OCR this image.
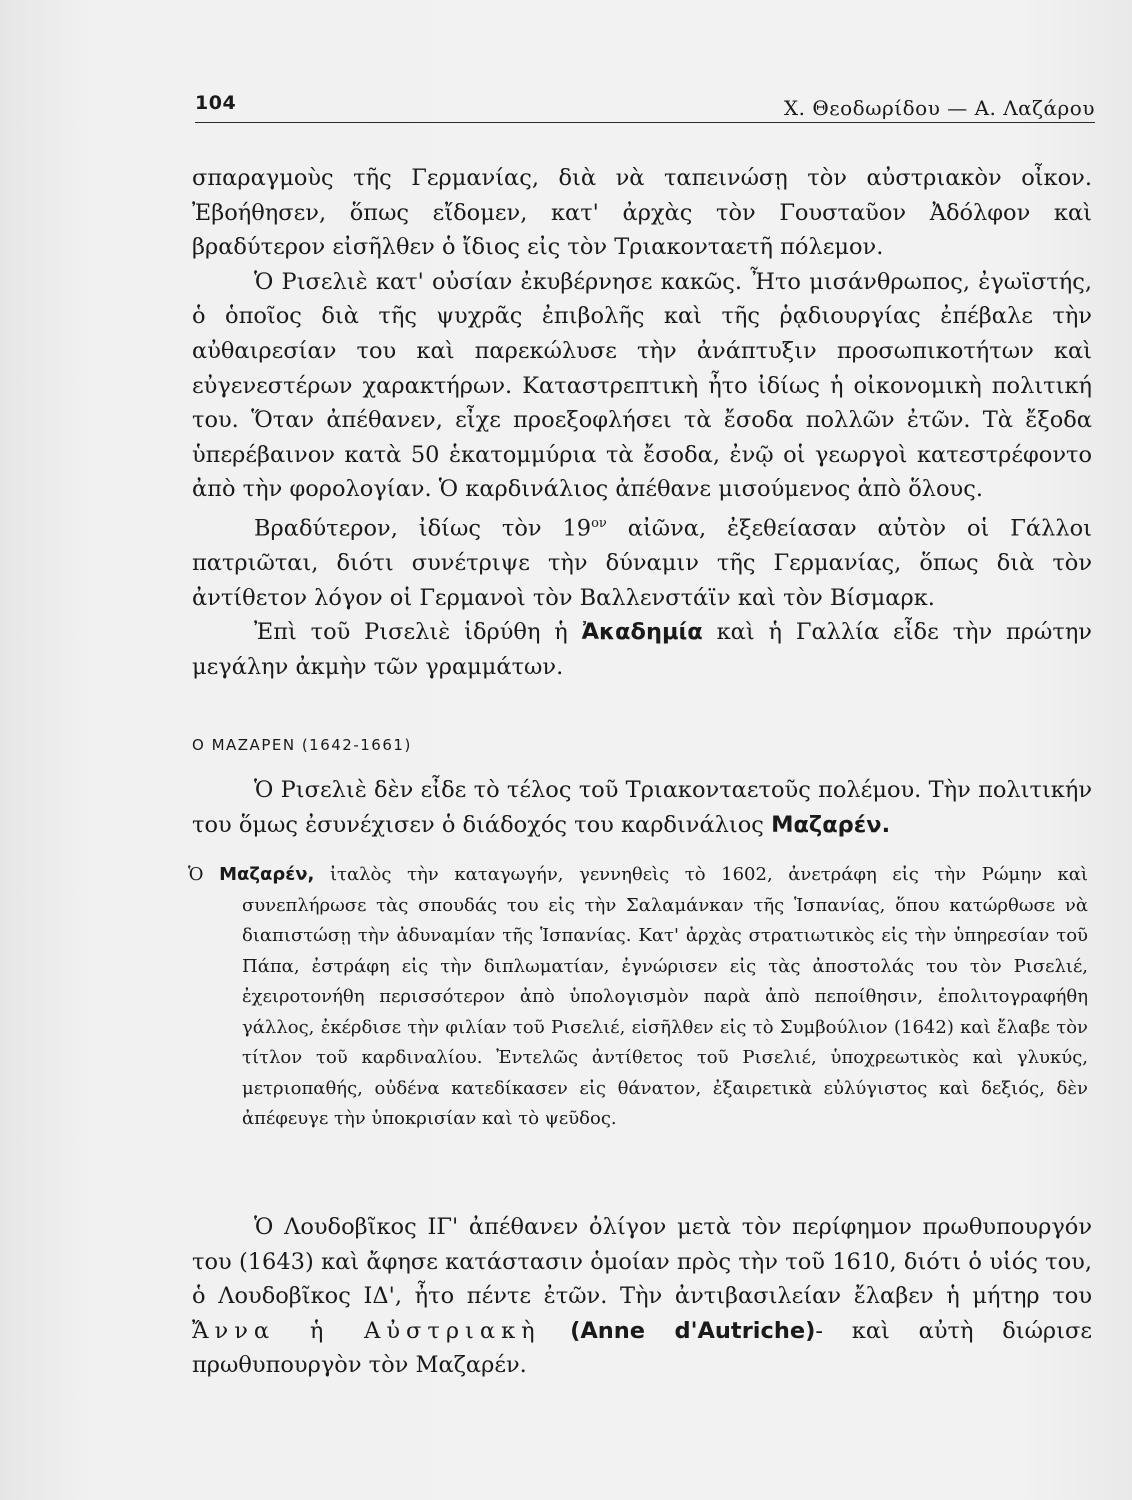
104	Χ. Θεοδωρίδου — Α. Λαζάρου

σπαραγμοὺς τῆς Γερμανίας, διὰ νὰ ταπεινώσῃ τὸν αὐστριακὸν οἶκον. Ἐβοήθησεν, ὅπως εἴδομεν, κατ' ἀρχὰς τὸν Γουσταῦον Ἀδόλφον καὶ βραδύτερον εἰσῆλθεν ὁ ἴδιος εἰς τὸν Τριακονταετῆ πόλεμον.

Ὁ Ρισελιὲ κατ' οὐσίαν ἐκυβέρνησε κακῶς. Ἦτο μισάνθρωπος, ἐγωϊστής, ὁ ὁποῖος διὰ τῆς ψυχρᾶς ἐπιβολῆς καὶ τῆς ῥᾳδιουργίας ἐπέβαλε τὴν αὐθαιρεσίαν του καὶ παρεκώλυσε τὴν ἀνάπτυξιν προσωπικοτήτων καὶ εὐγενεστέρων χαρακτήρων. Καταστρεπτικὴ ἦτο ἰδίως ἡ οἰκονομικὴ πολιτική του. Ὅταν ἀπέθανεν, εἶχε προεξοφλήσει τὰ ἔσοδα πολλῶν ἐτῶν. Τὰ ἔξοδα ὑπερέβαινον κατὰ 50 ἑκατομμύρια τὰ ἔσοδα, ἐνῷ οἱ γεωργοὶ κατεστρέφοντο ἀπὸ τὴν φορολογίαν. Ὁ καρδινάλιος ἀπέθανε μισούμενος ἀπὸ ὅλους.

Βραδύτερον, ἰδίως τὸν $19^{o\nu}$ αἰῶνα, ἐξεθείασαν αὐτὸν οἱ Γάλλοι πατριῶται, διότι συνέτριψε τὴν δύναμιν τῆς Γερμανίας, ὅπως διὰ τὸν ἀντίθετον λόγον οἱ Γερμανοὶ τὸν Βαλλενστάϊν καὶ τὸν Βίσμαρκ.

Ἐπὶ τοῦ Ρισελιὲ ἱδρύθη ἡ Ἀκαδημία καὶ ἡ Γαλλία εἶδε τὴν πρώτην μεγάλην ἀκμὴν τῶν γραμμάτων.

Ο ΜΑΖΑΡΕΝ (1642-1661)

Ὁ Ρισελιὲ δὲν εἶδε τὸ τέλος τοῦ Τριακονταετοῦς πολέμου. Τὴν πολιτικήν του ὅμως ἐσυνέχισεν ὁ διάδοχός του καρδινάλιος Μαζαρέν.

Ὁ Μαζαρέν, ἰταλὸς τὴν καταγωγήν, γεννηθεὶς τὸ 1602, ἀνετράφη εἰς τὴν Ρώμην καὶ συνεπλήρωσε τὰς σπουδάς του εἰς τὴν Σαλαμάνκαν τῆς Ἱσπανίας, ὅπου κατώρθωσε νὰ διαπιστώσῃ τὴν ἀδυναμίαν τῆς Ἱσπανίας. Κατ' ἀρχὰς στρατιωτικὸς εἰς τὴν ὑπηρεσίαν τοῦ Πάπα, ἐστράφη εἰς τὴν διπλωματίαν, ἐγνώρισεν εἰς τὰς ἀποστολάς του τὸν Ρισελιέ, ἐχειροτονήθη περισσότερον ἀπὸ ὑπολογισμὸν παρὰ ἀπὸ πεποίθησιν, ἐπολιτογραφήθη γάλλος, ἐκέρδισε τὴν φιλίαν τοῦ Ρισελιέ, εἰσῆλθεν εἰς τὸ Συμβούλιον (1642) καὶ ἔλαβε τὸν τίτλον τοῦ καρδιναλίου. Ἐντελῶς ἀντίθετος τοῦ Ρισελιέ, ὑποχρεωτικὸς καὶ γλυκύς, μετριοπαθής, οὐδένα κατεδίκασεν εἰς θάνατον, ἐξαιρετικὰ εὐλύγιστος καὶ δεξιός, δὲν ἀπέφευγε τὴν ὑποκρισίαν καὶ τὸ ψεῦδος.

Ὁ Λουδοβῖκος ΙΓ' ἀπέθανεν ὀλίγον μετὰ τὸν περίφημον πρωθυπουργόν του (1643) καὶ ἄφησε κατάστασιν ὁμοίαν πρὸς τὴν τοῦ 1610, διότι ὁ υἱός του, ὁ Λουδοβῖκος ΙΔ', ἦτο πέντε ἐτῶν. Τὴν ἀντιβασιλείαν ἔλαβεν ἡ μήτηρ του Ἄννα ἡ Αὐστριακὴ (Anne d'Autriche)- καὶ αὐτὴ διώρισε πρωθυπουργὸν τὸν Μαζαρέν.
